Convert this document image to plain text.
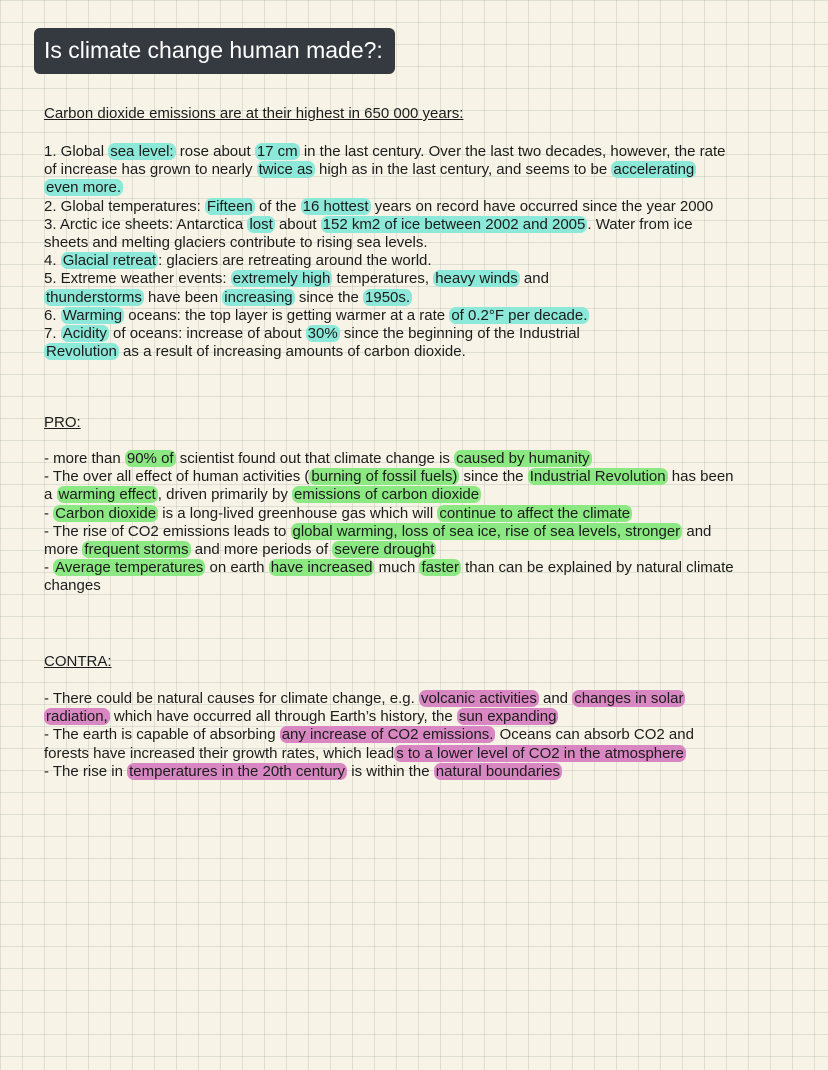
Is climate change human made?:
Carbon dioxide emissions are at their highest in 650 000 years:
1. Global sea level: rose about 17 cm in the last century. Over the last two decades, however, the rate
of increase has grown to nearly twice as high as in the last century, and seems to be accelerating
even more.
2. Global temperatures: Fifteen of the 16 hottest years on record have occurred since the year 2000
3. Arctic ice sheets: Antarctica lost about 152 km2 of ice between 2002 and 2005 . Water from ice
sheets and melting glaciers contribute to rising sea levels.
4. Glacial retreat : glaciers are retreating around the world.
5. Extreme weather events: extremely high temperatures, heavy winds and
thunderstorms have been increasing since the 1950s.
6. Warming oceans: the top layer is getting warmer at a rate of 0.2°F per decade.
7. Acidity of oceans: increase of about 30% since the beginning of the Industrial
Revolution as a result of increasing amounts of carbon dioxide.
PRO:
- more than 90% of scientist found out that climate change is caused by humanity
- The over all effect of human activities ( burning of fossil fuels) since the Industrial Revolution has been
a warming effect , driven primarily by emissions of carbon dioxide
- Carbon dioxide is a long-lived greenhouse gas which will continue to affect the climate
- The rise of CO2 emissions leads to global warming, loss of sea ice, rise of sea levels, stronger and
more frequent storms and more periods of severe drought
- Average temperatures on earth have increased much faster than can be explained by natural climate
changes
CONTRA:
- There could be natural causes for climate change, e.g. volcanic activities and changes in solar
radiation, which have occurred all through Earth’s history, the sun expanding
- The earth is capable of absorbing any increase of CO2 emissions. Oceans can absorb CO2 and
forests have increased their growth rates, which lead s to a lower level of CO2 in the atmosphere
- The rise in temperatures in the 20th century is within the natural boundaries
